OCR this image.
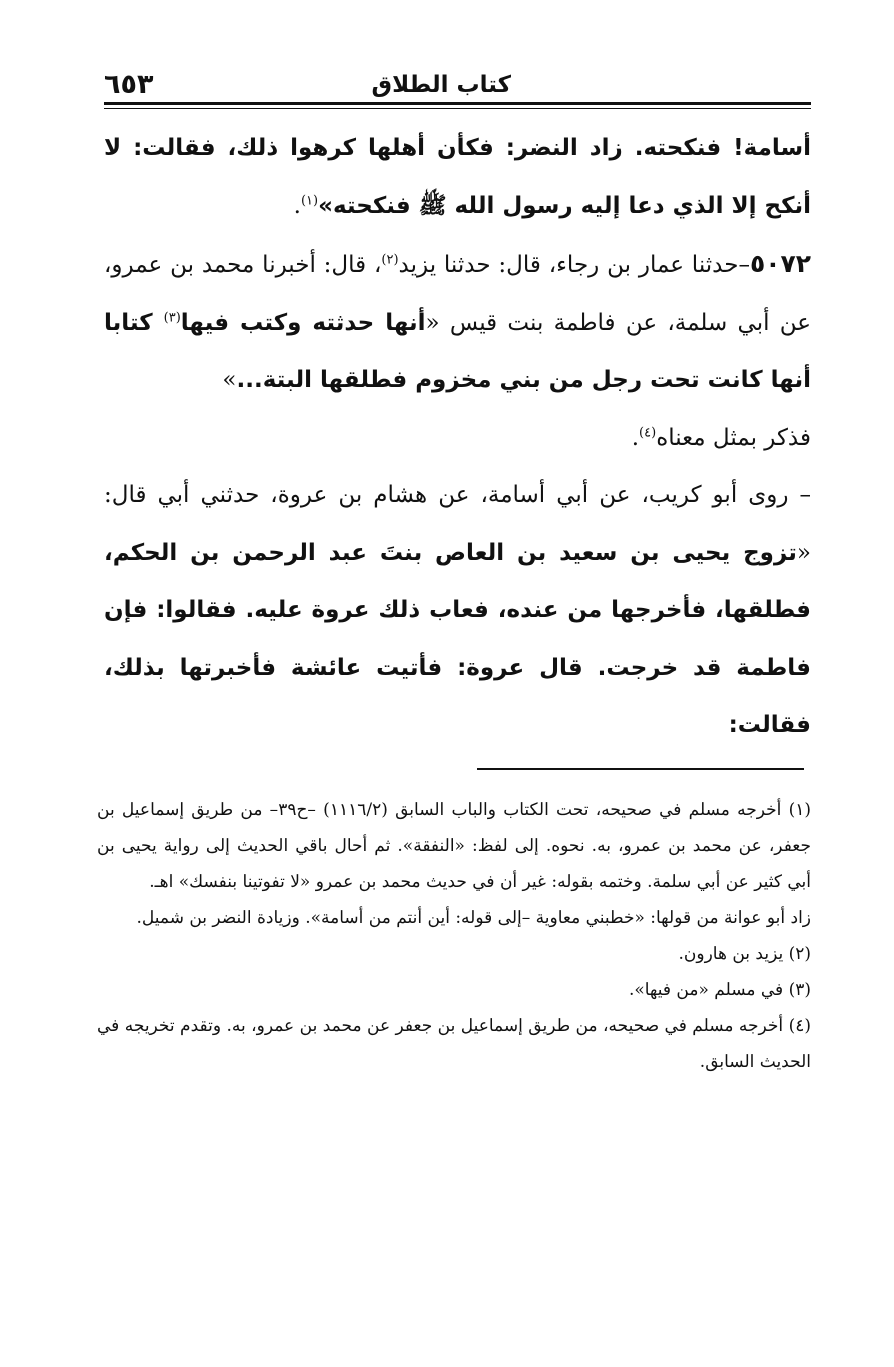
٦٥٣	كتاب الطلاق

أسامة! فنكحته. زاد النضر: فكأن أهلها كرهوا ذلك، فقالت: لا أنكح إلا الذي دعا إليه رسول الله ﷺ فنكحته»$^{(١)}$.

٥٠٧٢–حدثنا عمار بن رجاء، قال: حدثنا يزيد$^{(٢)}$، قال: أخبرنا محمد بن عمرو، عن أبي سلمة، عن فاطمة بنت قيس «أنها حدثته وكتب فيها$^{(٣)}$ كتابا أنها كانت تحت رجل من بني مخزوم فطلقها البتة...»

فذكر بمثل معناه$^{(٤)}$.

– روى أبو كريب، عن أبي أسامة، عن هشام بن عروة، حدثني أبي قال: «تزوج يحيى بن سعيد بن العاص بنتَ عبد الرحمن بن الحكم، فطلقها، فأخرجها من عنده، فعاب ذلك عروة عليه. فقالوا: فإن فاطمة قد خرجت. قال عروة: فأتيت عائشة فأخبرتها بذلك، فقالت:

(١) أخرجه مسلم في صحيحه، تحت الكتاب والباب السابق (١١١٦/٢) –ح٣٩– من طريق إسماعيل بن جعفر، عن محمد بن عمرو، به. نحوه. إلى لفظ: «النفقة». ثم أحال باقي الحديث إلى رواية يحيى بن أبي كثير عن أبي سلمة. وختمه بقوله: غير أن في حديث محمد بن عمرو «لا تفوتينا بنفسك» اهـ.

زاد أبو عوانة من قولها: «خطبني معاوية –إلى قوله: أين أنتم من أسامة». وزيادة النضر بن شميل.

(٢) يزيد بن هارون.

(٣) في مسلم «من فيها».

(٤) أخرجه مسلم في صحيحه، من طريق إسماعيل بن جعفر عن محمد بن عمرو، به. وتقدم تخريجه في الحديث السابق.
